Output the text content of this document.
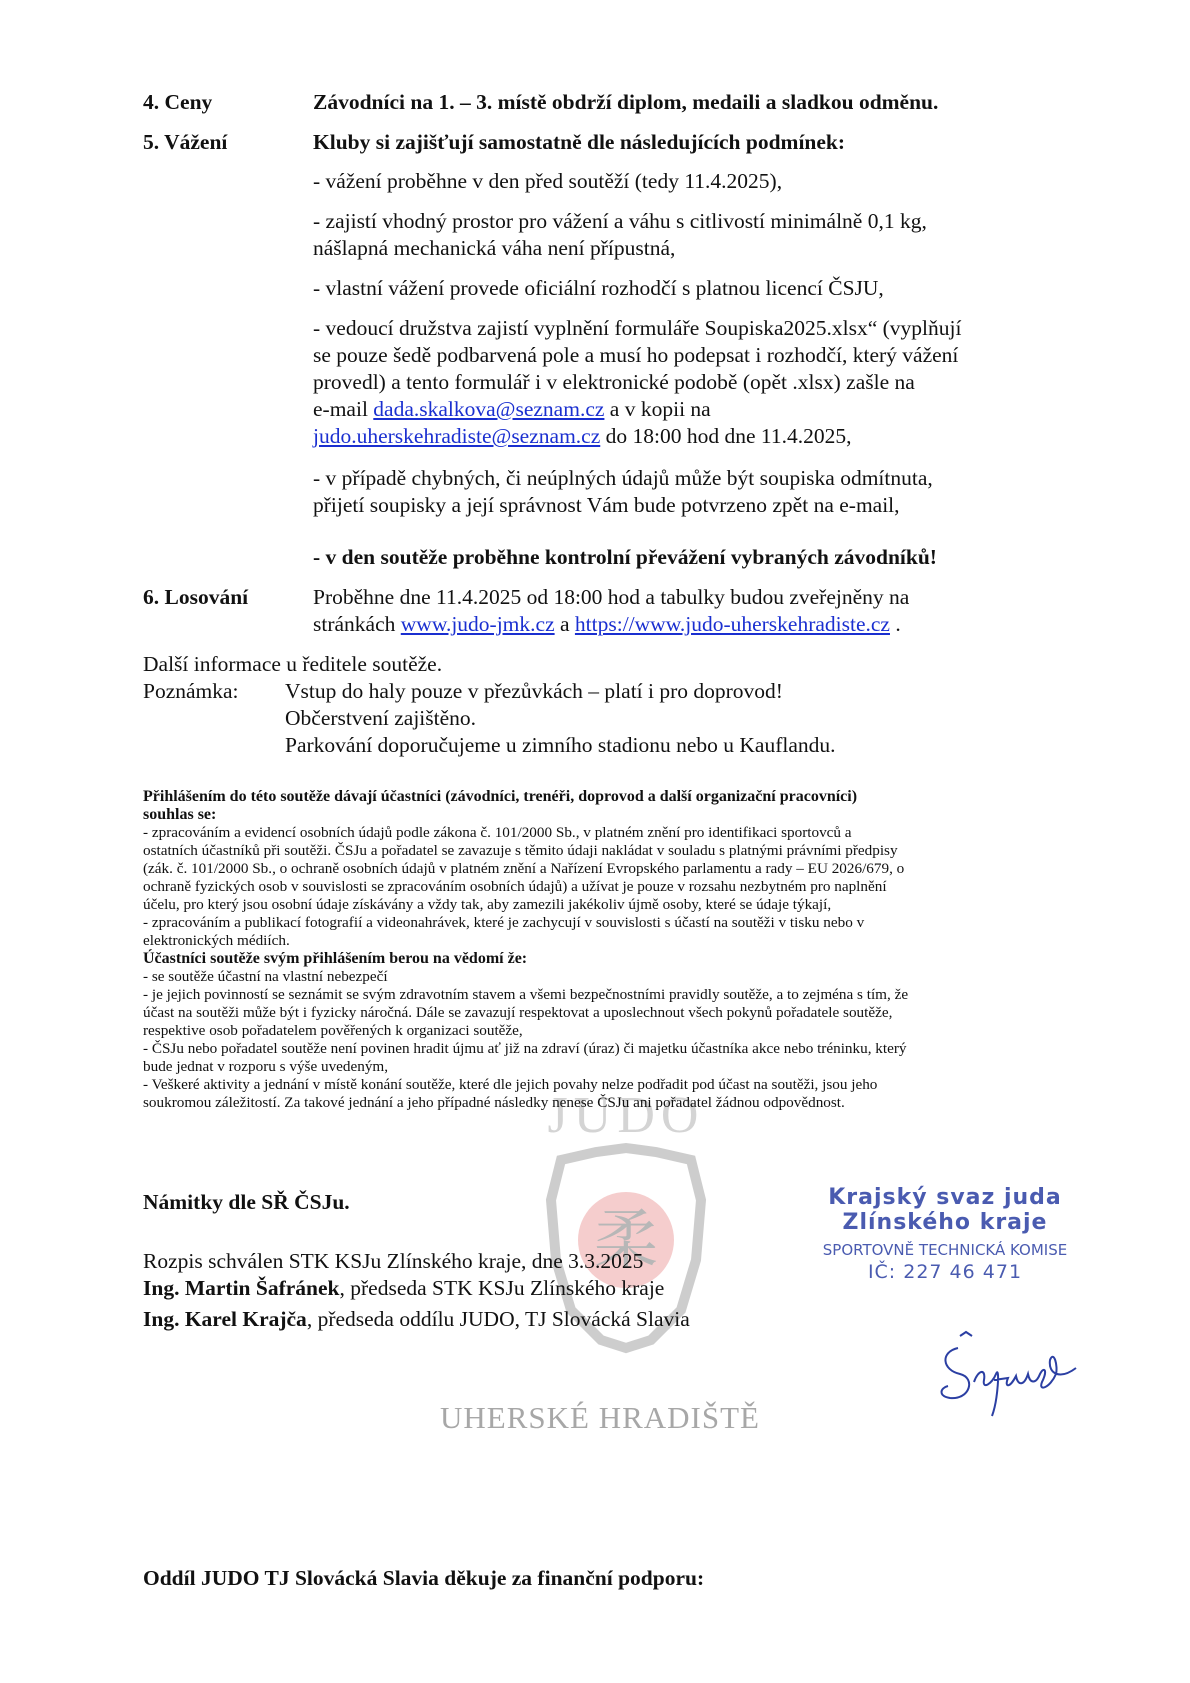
JUDO
柔
UHERSKÉ HRADIŠTĚ
4. Ceny	Závodníci na 1. – 3. místě obdrží diplom, medaili a sladkou odměnu.
5. Vážení	Kluby si zajišťují samostatně dle následujících podmínek:
- vážení proběhne v den před soutěží (tedy 11.4.2025),
- zajistí vhodný prostor pro vážení a váhu s citlivostí minimálně 0,1 kg,
nášlapná mechanická váha není přípustná,
- vlastní vážení provede oficiální rozhodčí s platnou licencí ČSJU,
- vedoucí družstva zajistí vyplnění formuláře Soupiska2025.xlsx“ (vyplňují
se pouze šedě podbarvená pole a musí ho podepsat i rozhodčí, který vážení
provedl) a tento formulář i v elektronické podobě (opět .xlsx) zašle na
e-mail dada.skalkova@seznam.cz a v kopii na
judo.uherskehradiste@seznam.cz do 18:00 hod dne 11.4.2025,
- v případě chybných, či neúplných údajů může být soupiska odmítnuta,
přijetí soupisky a její správnost Vám bude potvrzeno zpět na e-mail,
- v den soutěže proběhne kontrolní převážení vybraných závodníků!
6. Losování	Proběhne dne 11.4.2025 od 18:00 hod a tabulky budou zveřejněny na
stránkách www.judo-jmk.cz a https://www.judo-uherskehradiste.cz .
Další informace u ředitele soutěže.
Poznámka: Vstup do haly pouze v přezůvkách – platí i pro doprovod!
Občerstvení zajištěno.
Parkování doporučujeme u zimního stadionu nebo u Kauflandu.

Přihlášením do této soutěže dávají účastníci (závodníci, trenéři, doprovod a další organizační pracovníci)

souhlas se:

- zpracováním a evidencí osobních údajů podle zákona č. 101/2000 Sb., v platném znění pro identifikaci sportovců a

ostatních účastníků při soutěži. ČSJu a pořadatel se zavazuje s těmito údaji nakládat v souladu s platnými právními předpisy

(zák. č. 101/2000 Sb., o ochraně osobních údajů v platném znění a Nařízení Evropského parlamentu a rady – EU 2026/679, o

ochraně fyzických osob v souvislosti se zpracováním osobních údajů) a užívat je pouze v rozsahu nezbytném pro naplnění

účelu, pro který jsou osobní údaje získávány a vždy tak, aby zamezili jakékoliv újmě osoby, které se údaje týkají,

- zpracováním a publikací fotografií a videonahrávek, které je zachycují v souvislosti s účastí na soutěži v tisku nebo v

elektronických médiích.

Účastníci soutěže svým přihlášením berou na vědomí že:

- se soutěže účastní na vlastní nebezpečí

- je jejich povinností se seznámit se svým zdravotním stavem a všemi bezpečnostními pravidly soutěže, a to zejména s tím, že

účast na soutěži může být i fyzicky náročná. Dále se zavazují respektovat a uposlechnout všech pokynů pořadatele soutěže,

respektive osob pořadatelem pověřených k organizaci soutěže,

- ČSJu nebo pořadatel soutěže není povinen hradit újmu ať již na zdraví (úraz) či majetku účastníka akce nebo tréninku, který

bude jednat v rozporu s výše uvedeným,

- Veškeré aktivity a jednání v místě konání soutěže, které dle jejich povahy nelze podřadit pod účast na soutěži, jsou jeho

soukromou záležitostí. Za takové jednání a jeho případné následky nenese ČSJu ani pořadatel žádnou odpovědnost.

Námitky dle SŘ ČSJu.
Rozpis schválen STK KSJu Zlínského kraje, dne 3.3.2025
Ing. Martin Šafránek, předseda STK KSJu Zlínského kraje
Ing. Karel Krajča, předseda oddílu JUDO, TJ Slovácká Slavia
Krajský svaz juda
Zlínského kraje
SPORTOVNĚ TECHNICKÁ KOMISE
IČ: 227 46 471
Oddíl JUDO TJ Slovácká Slavia děkuje za finanční podporu:
